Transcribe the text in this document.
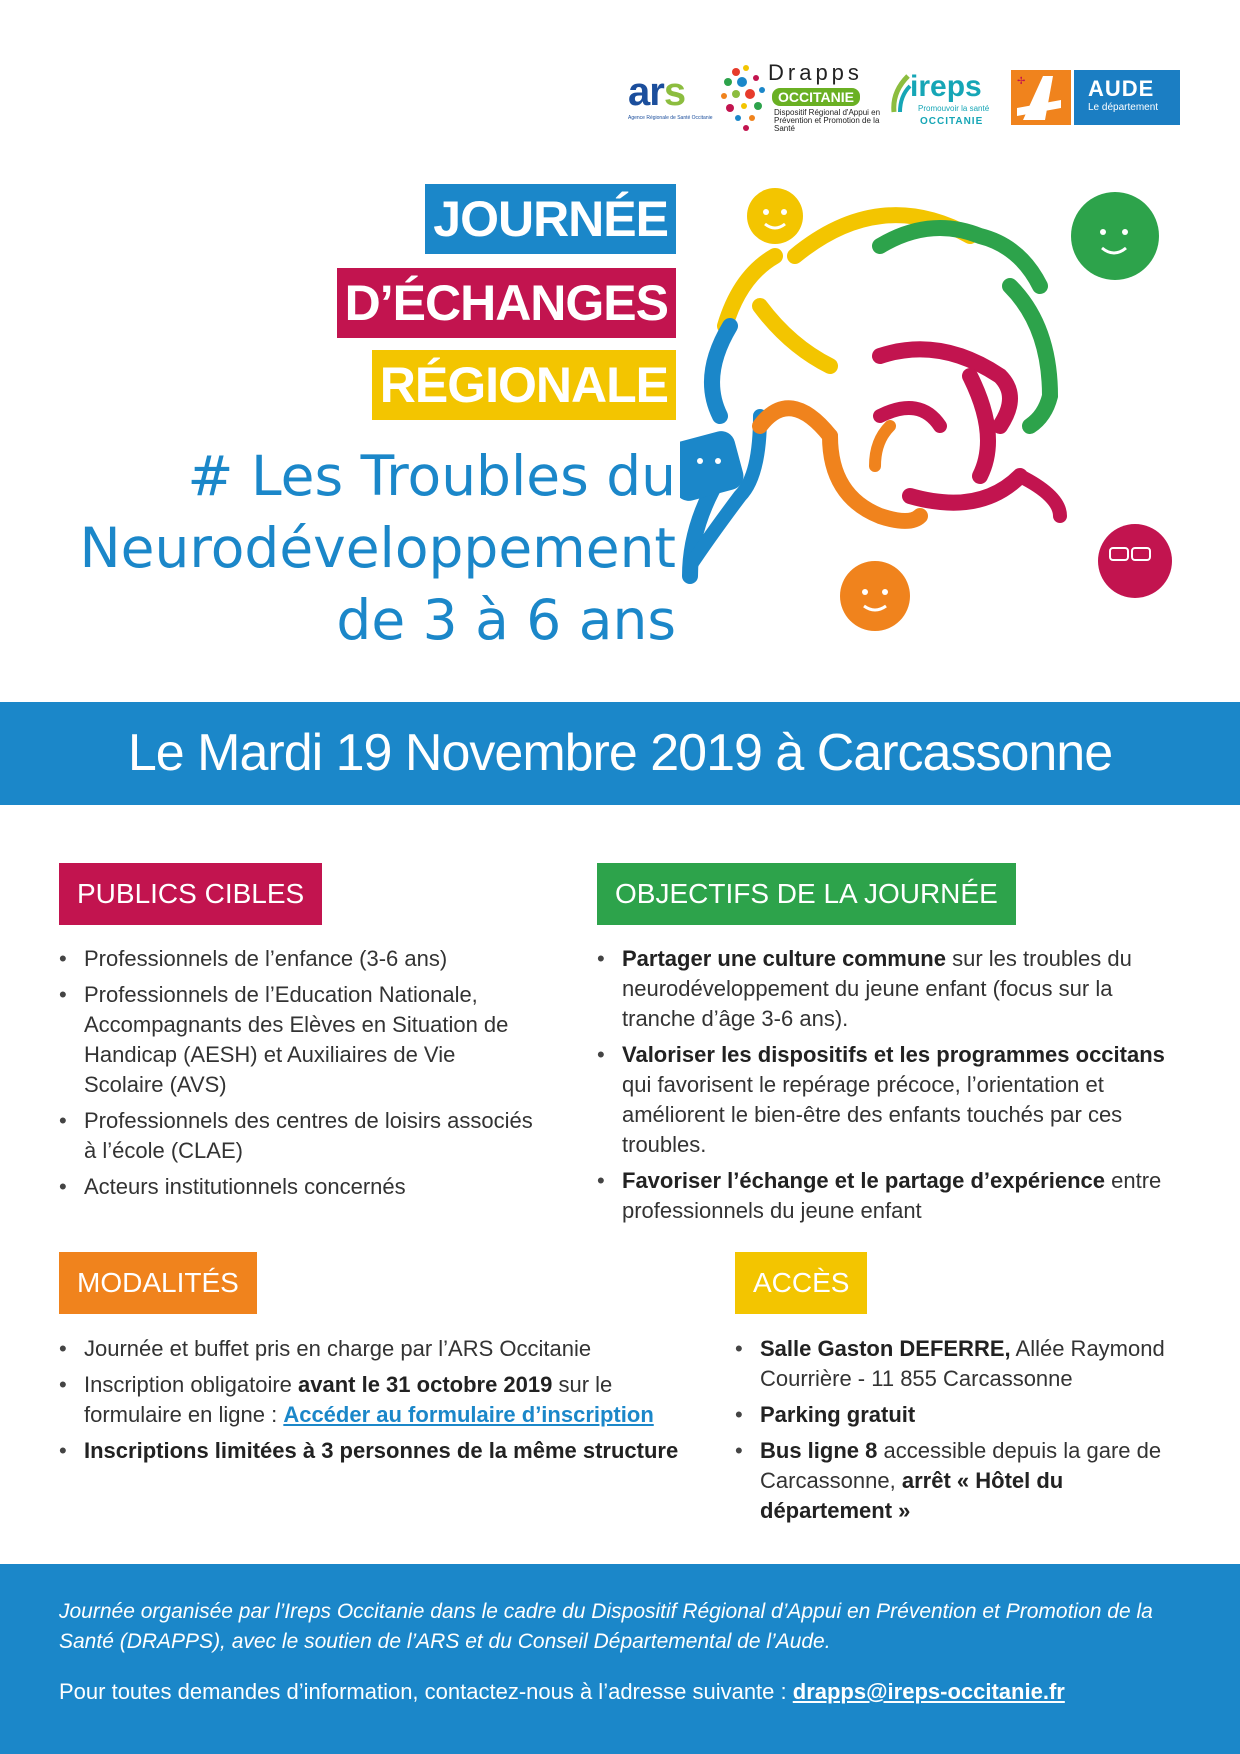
ars
Agence Régionale de Santé Occitanie
Drapps
OCCITANIE
Dispositif Régional d'Appui en Prévention et Promotion de la Santé
ireps
Promouvoir la santé
OCCITANIE
✢	AUDE
Le département
JOURNÉE
D’ÉCHANGES
RÉGIONALE
# Les Troubles du
Neurodéveloppement
de 3 à 6 ans
Le Mardi 19 Novembre 2019 à Carcassonne
PUBLICS CIBLES
• Professionnels de l’enfance (3-6 ans)
• Professionnels de l’Education Nationale, Accompagnants des Elèves en Situation de Handicap (AESH) et Auxiliaires de Vie Scolaire (AVS)
• Professionnels des centres de loisirs associés à l’école (CLAE)
• Acteurs institutionnels concernés
OBJECTIFS DE LA JOURNÉE
• Partager une culture commune sur les troubles du neurodéveloppement du jeune enfant (focus sur la tranche d’âge 3-6 ans).
• Valoriser les dispositifs et les programmes occitans qui favorisent le repérage précoce, l’orientation et améliorent le bien-être des enfants touchés par ces troubles.
• Favoriser l’échange et le partage d’expérience entre professionnels du jeune enfant
MODALITÉS
• Journée et buffet pris en charge par l’ARS Occitanie
• Inscription obligatoire avant le 31 octobre 2019 sur le formulaire en ligne : Accéder au formulaire d’inscription
• Inscriptions limitées à 3 personnes de la même structure
ACCÈS
• Salle Gaston DEFERRE, Allée Raymond Courrière - 11 855 Carcassonne
• Parking gratuit
• Bus ligne 8 accessible depuis la gare de Carcassonne, arrêt « Hôtel du département »
Journée organisée par l’Ireps Occitanie dans le cadre du Dispositif Régional d’Appui en Prévention et Promotion de la Santé (DRAPPS), avec le soutien de l’ARS et du Conseil Départemental de l’Aude.
Pour toutes demandes d’information, contactez-nous à l’adresse suivante : drapps@ireps-occitanie.fr
